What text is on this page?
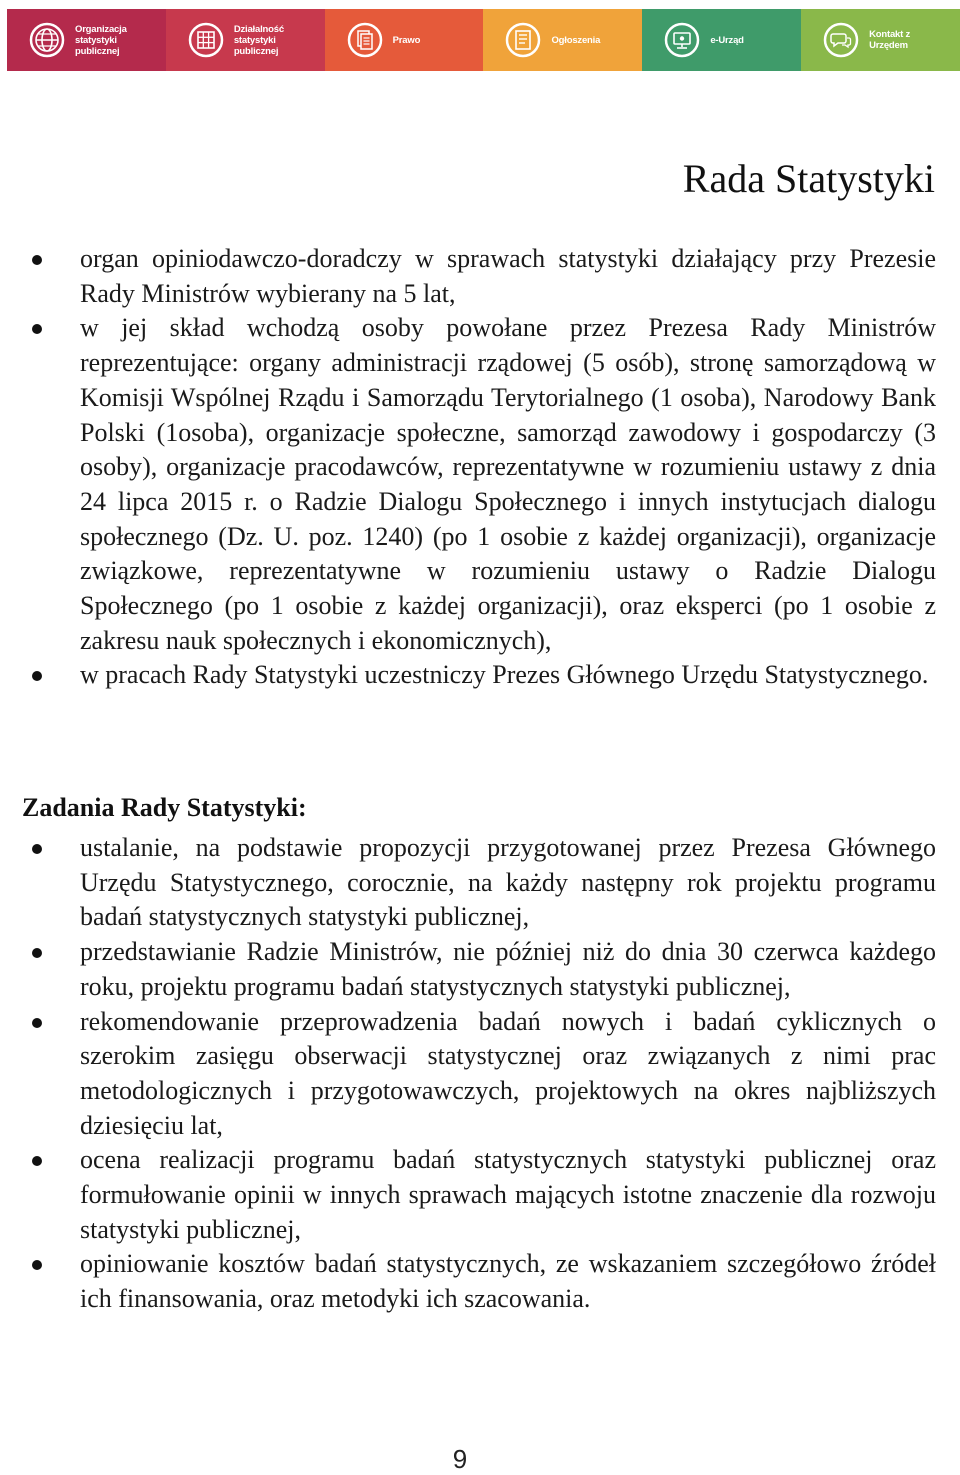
Organizacja
statystyki
publicznej
Działalność
statystyki
publicznej
Prawo	Ogłoszenia	e-Urząd	Kontakt z
Urzędem
Rada Statystyki
organ opiniodawczo-doradczy w sprawach statystyki działający przy Prezesie Rady Ministrów wybierany na 5 lat,
w jej skład wchodzą osoby powołane przez Prezesa Rady Ministrów reprezentujące: organy administracji rządowej (5 osób), stronę samorządową w Komisji Wspólnej Rządu i Samorządu Terytorialnego (1 osoba), Narodowy Bank Polski (1osoba), organizacje społeczne, samorząd zawodowy i gospodarczy (3 osoby), organizacje pracodawców, reprezentatywne w rozumieniu ustawy z dnia 24 lipca 2015 r. o Radzie Dialogu Społecznego i innych instytucjach dialogu społecznego (Dz. U. poz. 1240) (po 1 osobie z każdej organizacji), organizacje związkowe, reprezentatywne w rozumieniu ustawy o Radzie Dialogu Społecznego (po 1 osobie z każdej organizacji), oraz eksperci (po 1 osobie z zakresu nauk społecznych i ekonomicznych),
w pracach Rady Statystyki uczestniczy Prezes Głównego Urzędu Statystycznego.
Zadania Rady Statystyki:
ustalanie, na podstawie propozycji przygotowanej przez Prezesa Głównego Urzędu Statystycznego, corocznie, na każdy następny rok projektu programu badań statystycznych statystyki publicznej,
przedstawianie Radzie Ministrów, nie później niż do dnia 30 czerwca każdego roku, projektu programu badań statystycznych statystyki publicznej,
rekomendowanie przeprowadzenia badań nowych i badań cyklicznych o szerokim zasięgu obserwacji statystycznej oraz związanych z nimi prac metodologicznych i przygotowawczych, projektowych na okres najbliższych dziesięciu lat,
ocena realizacji programu badań statystycznych statystyki publicznej oraz formułowanie opinii w innych sprawach mających istotne znaczenie dla rozwoju statystyki publicznej,
opiniowanie kosztów badań statystycznych, ze wskazaniem szczegółowo źródeł ich finansowania, oraz metodyki ich szacowania.
9
